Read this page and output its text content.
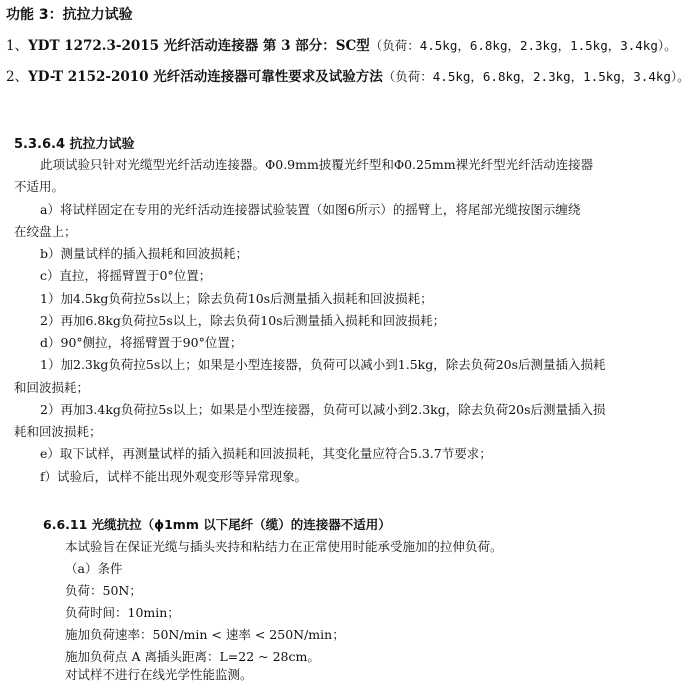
功能 3：抗拉力试验
1、YDT 1272.3-2015 光纤活动连接器 第 3 部分：SC型（负荷：4.5kg，6.8kg，2.3kg，1.5kg，3.4kg）。
2、YD-T 2152-2010 光纤活动连接器可靠性要求及试验方法（负荷：4.5kg，6.8kg，2.3kg，1.5kg，3.4kg）。
5.3.6.4 抗拉力试验
此项试验只针对光缆型光纤活动连接器。Φ0.9mm披覆光纤型和Φ0.25mm裸光纤型光纤活动连接器
不适用。
a）将试样固定在专用的光纤活动连接器试验装置（如图6所示）的摇臂上，将尾部光缆按图示缠绕
在绞盘上；
b）测量试样的插入损耗和回波损耗；
c）直拉，将摇臂置于0°位置；
1）加4.5kg负荷拉5s以上；除去负荷10s后测量插入损耗和回波损耗；
2）再加6.8kg负荷拉5s以上，除去负荷10s后测量插入损耗和回波损耗；
d）90°侧拉，将摇臂置于90°位置；
1）加2.3kg负荷拉5s以上；如果是小型连接器，负荷可以减小到1.5kg，除去负荷20s后测量插入损耗
和回波损耗；
2）再加3.4kg负荷拉5s以上；如果是小型连接器，负荷可以减小到2.3kg，除去负荷20s后测量插入损
耗和回波损耗；
e）取下试样，再测量试样的插入损耗和回波损耗，其变化量应符合5.3.7节要求；
f）试验后，试样不能出现外观变形等异常现象。
6.6.11 光缆抗拉（ϕ1mm 以下尾纤（缆）的连接器不适用）
本试验旨在保证光缆与插头夹持和粘结力在正常使用时能承受施加的拉伸负荷。
（a）条件
负荷：50N；
负荷时间：10min；
施加负荷速率：50N/min < 速率 < 250N/min；
施加负荷点 A 离插头距离：L=22 ~ 28cm。
对试样不进行在线光学性能监测。
